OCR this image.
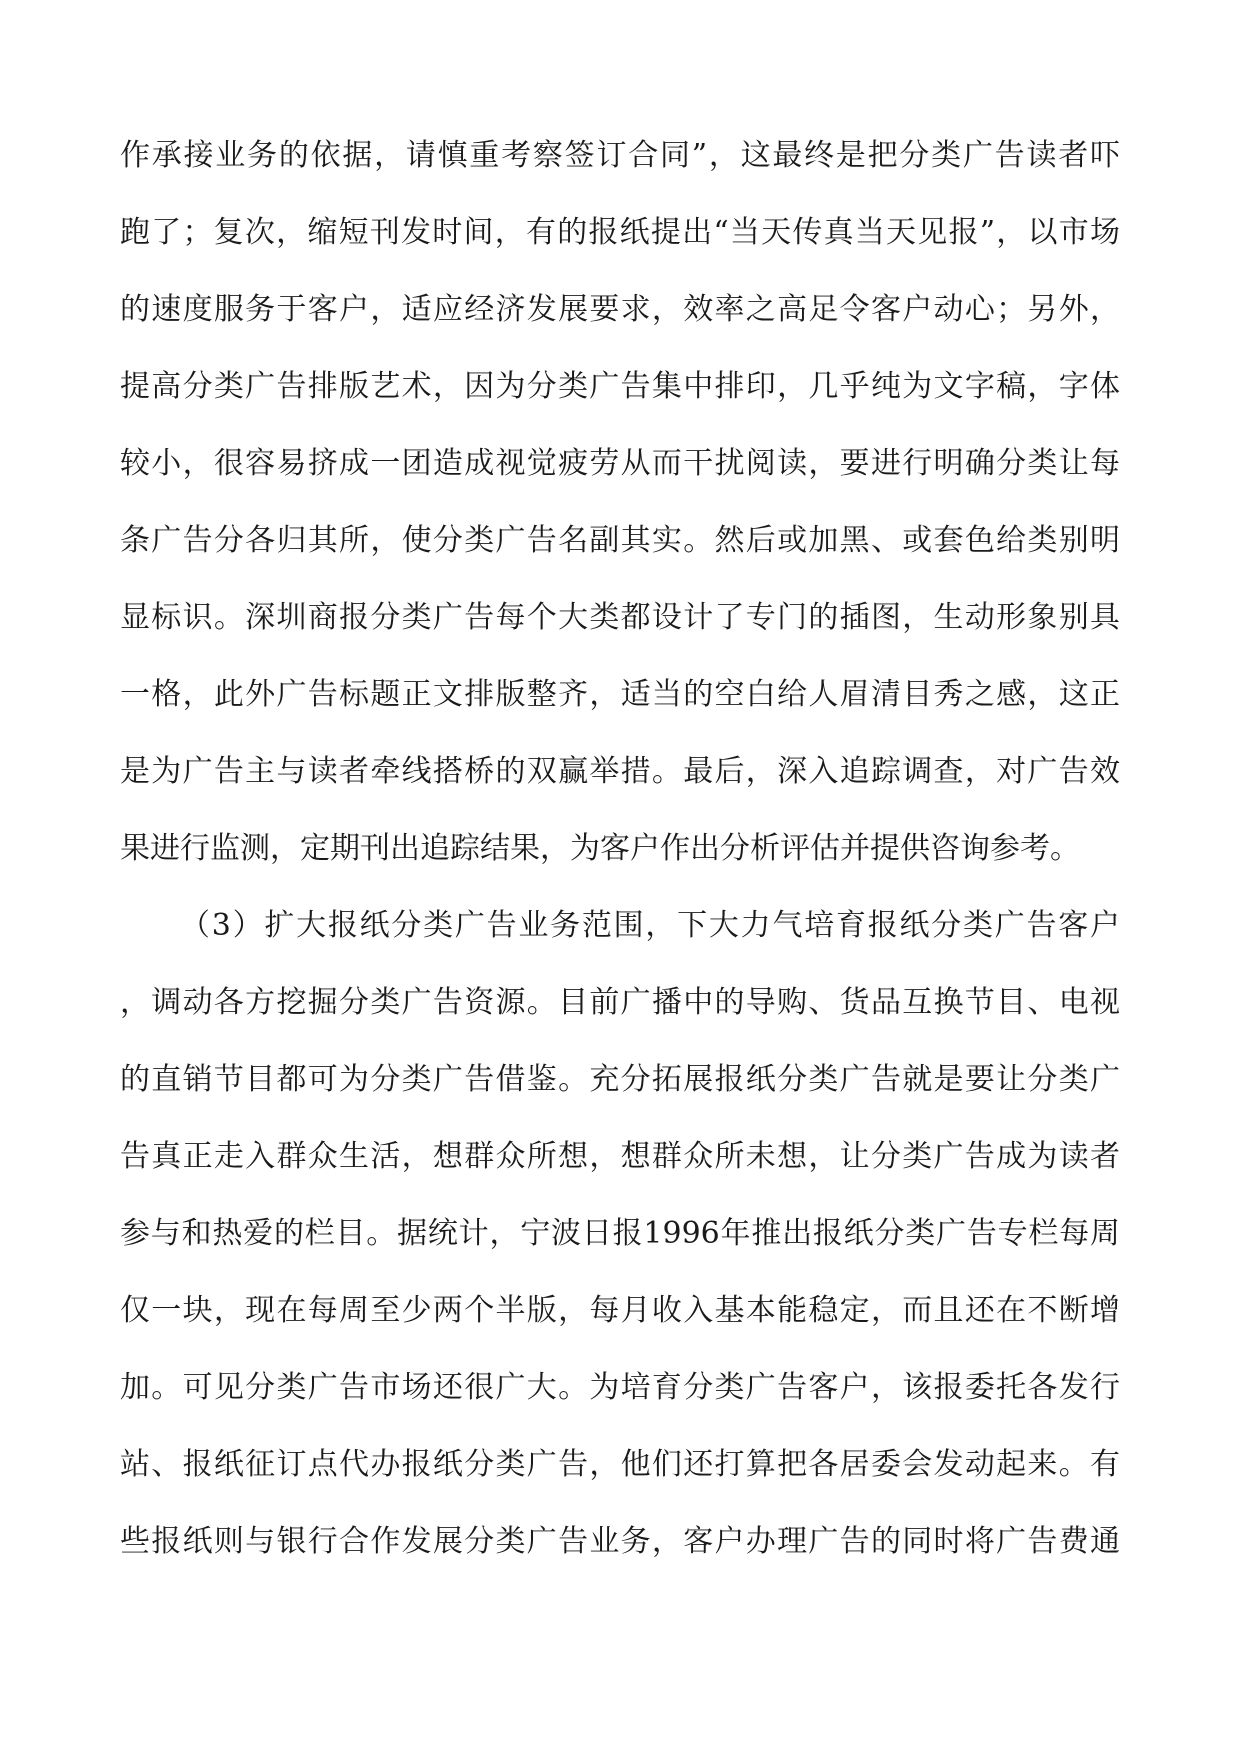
作承接业务的依据，请慎重考察签订合同”，这最终是把分类广告读者吓
跑了；复次，缩短刊发时间，有的报纸提出“当天传真当天见报”，以市场
的速度服务于客户，适应经济发展要求，效率之高足令客户动心；另外，
提高分类广告排版艺术，因为分类广告集中排印，几乎纯为文字稿，字体
较小，很容易挤成一团造成视觉疲劳从而干扰阅读，要进行明确分类让每
条广告分各归其所，使分类广告名副其实。然后或加黑、或套色给类别明
显标识。深圳商报分类广告每个大类都设计了专门的插图，生动形象别具
一格，此外广告标题正文排版整齐，适当的空白给人眉清目秀之感，这正
是为广告主与读者牵线搭桥的双赢举措。最后，深入追踪调查，对广告效
果进行监测，定期刊出追踪结果，为客户作出分析评估并提供咨询参考。
（3）扩大报纸分类广告业务范围，下大力气培育报纸分类广告客户
，调动各方挖掘分类广告资源。目前广播中的导购、货品互换节目、电视
的直销节目都可为分类广告借鉴。充分拓展报纸分类广告就是要让分类广
告真正走入群众生活，想群众所想，想群众所未想，让分类广告成为读者
参与和热爱的栏目。据统计，宁波日报1996年推出报纸分类广告专栏每周
仅一块，现在每周至少两个半版，每月收入基本能稳定，而且还在不断增
加。可见分类广告市场还很广大。为培育分类广告客户，该报委托各发行
站、报纸征订点代办报纸分类广告，他们还打算把各居委会发动起来。有
些报纸则与银行合作发展分类广告业务，客户办理广告的同时将广告费通
